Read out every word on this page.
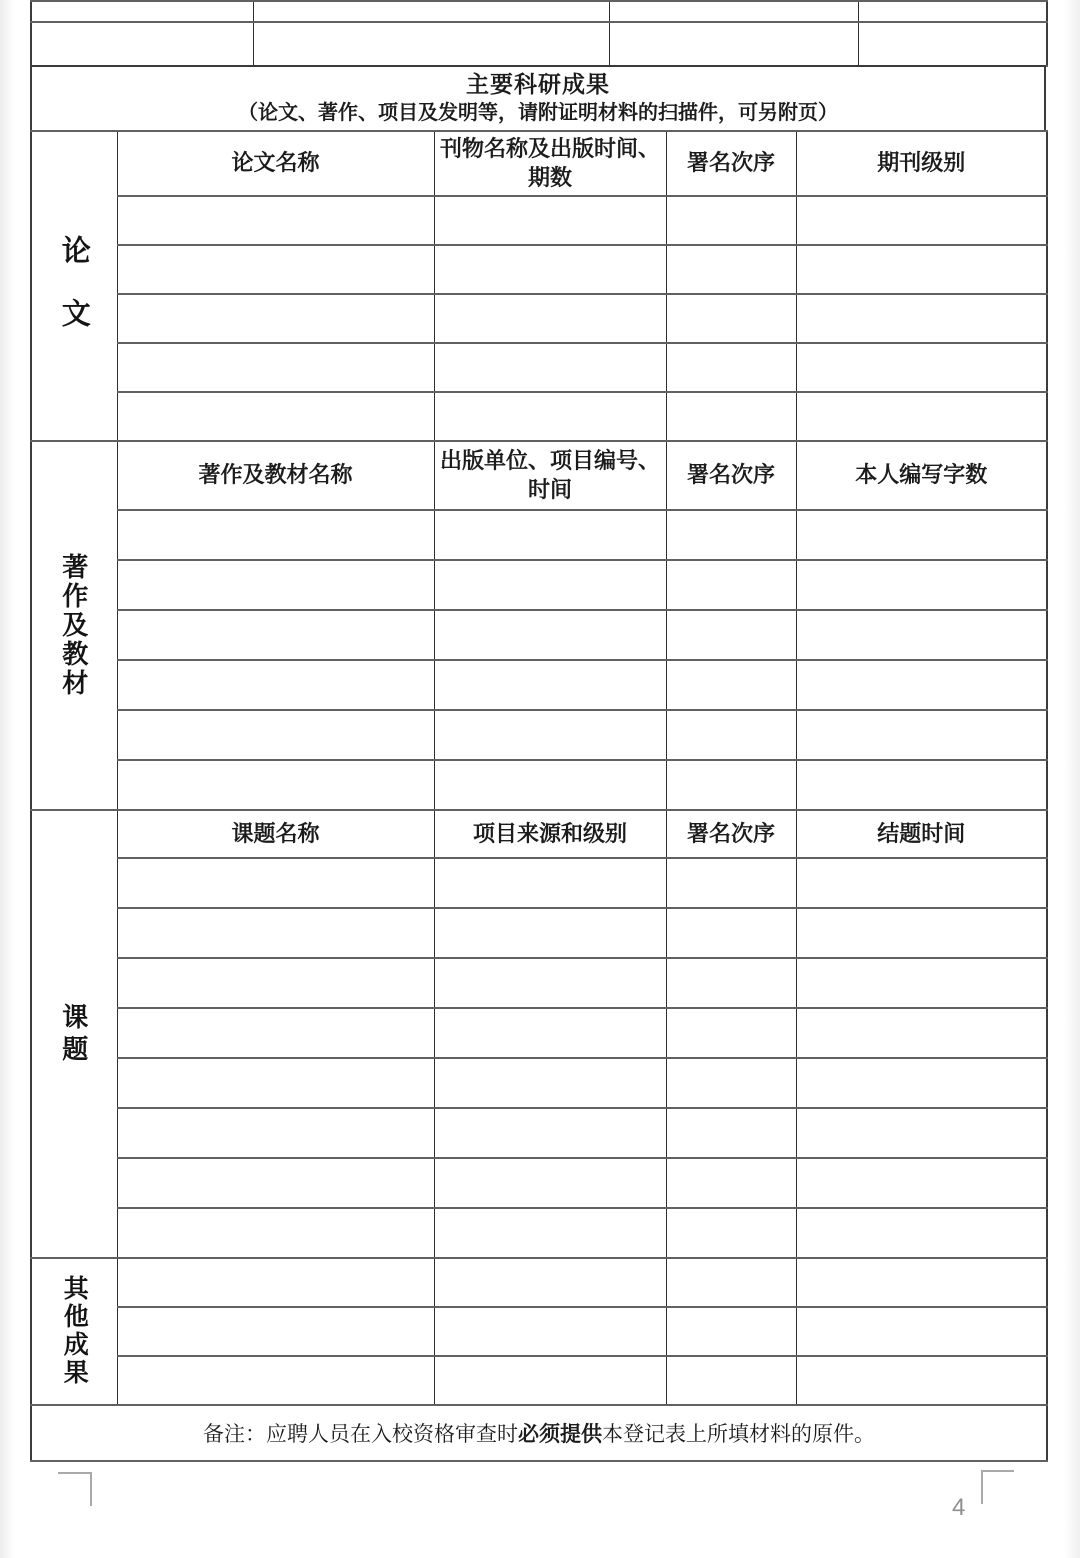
主要科研成果
（论文、著作、项目及发明等，请附证明材料的扫描件，可另附页）
论文	论文名称	刊物名称及出版时间、期数	署名次序	期刊级别

著作及教材	著作及教材名称	出版单位、项目编号、时间	署名次序	本人编写字数

课题	课题名称	项目来源和级别	署名次序	结题时间

其他成果				

备注：应聘人员在入校资格审查时必须提供本登记表上所填材料的原件。				
4
